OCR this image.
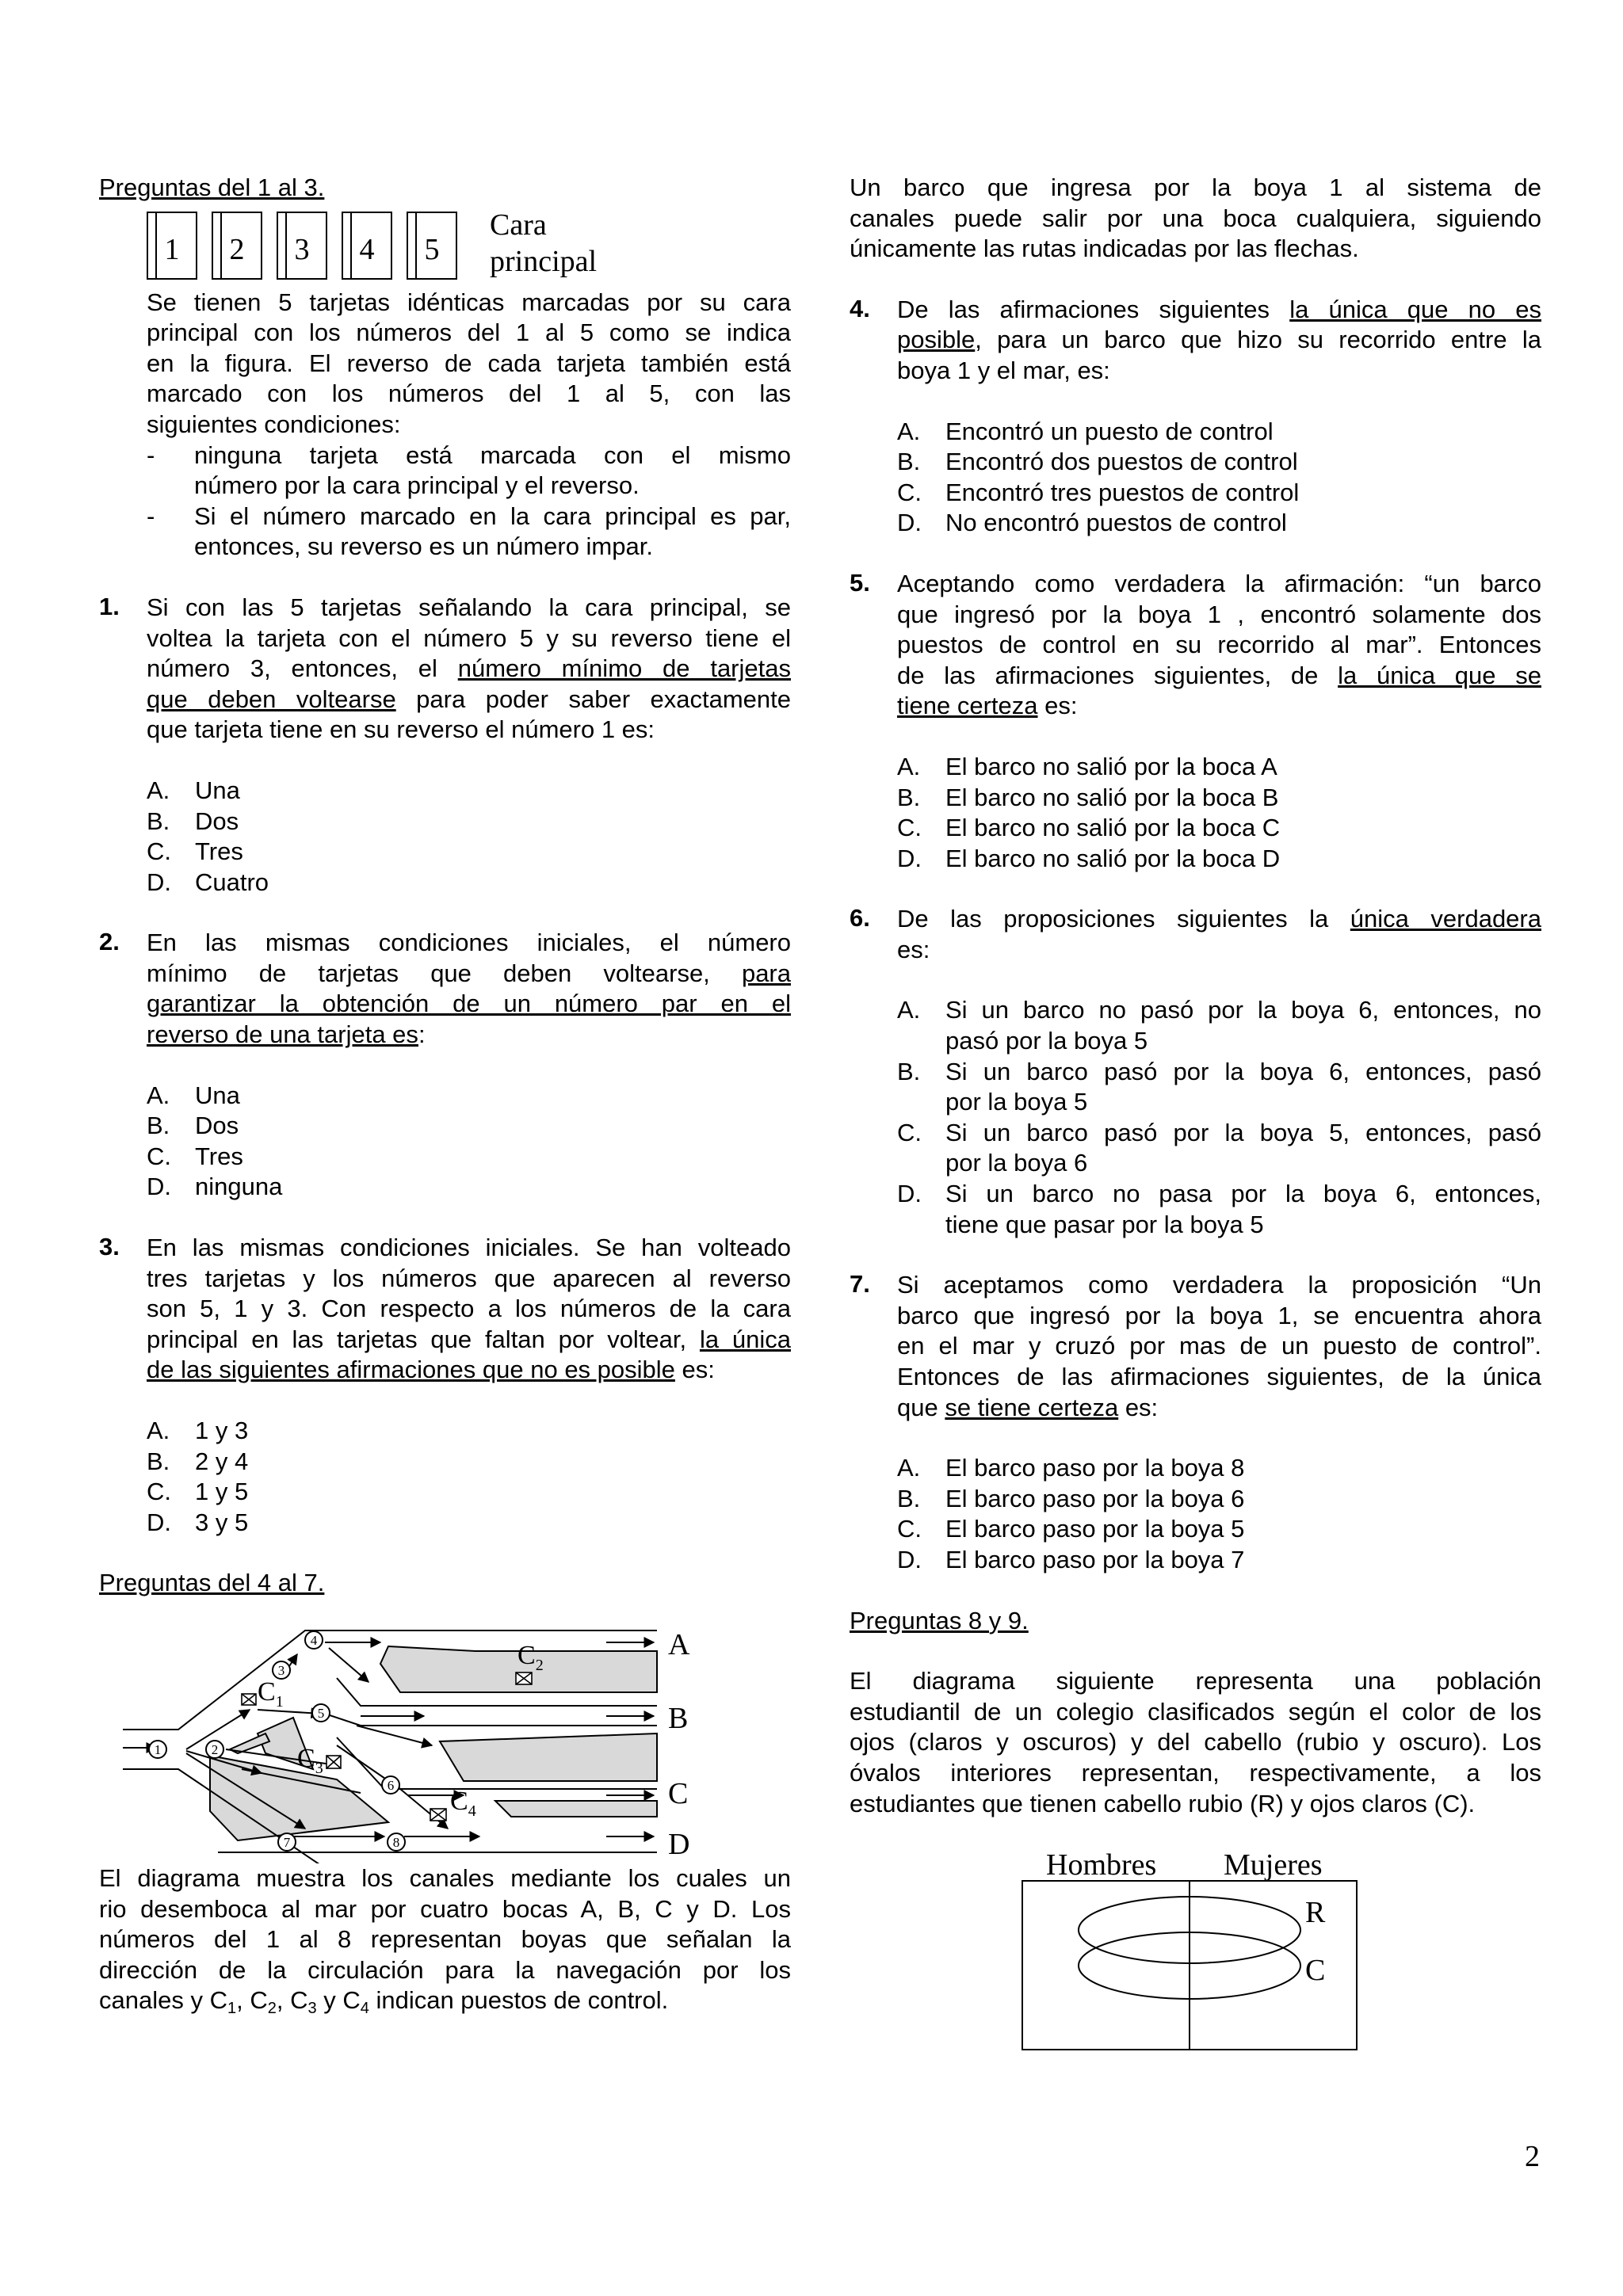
Preguntas del 1 al 3.

1	2	3	4	5
Cara
principal
Se tienen 5 tarjetas idénticas marcadas por su cara
principal con los números del 1 al 5 como se indica
en la figura. El reverso de cada tarjeta también está
marcado con los números del 1 al 5, con las
siguientes condiciones:
- ninguna tarjeta está marcada con el mismo
número por la cara principal y el reverso.
- Si el número marcado en la cara principal es par,
entonces, su reverso es un número impar.
1. Si con las 5 tarjetas señalando la cara principal, se
voltea la tarjeta con el número 5 y su reverso tiene el
número 3, entonces, el número mínimo de tarjetas
que deben voltearse para poder saber exactamente
que tarjeta tiene en su reverso el número 1 es:
A. Una
B. Dos
C. Tres
D. Cuatro
2. En las mismas condiciones iniciales, el número
mínimo de tarjetas que deben voltearse, para
garantizar la obtención de un número par en el
reverso de una tarjeta es:
A. Una
B. Dos
C. Tres
D. ninguna
3. En las mismas condiciones iniciales. Se han volteado
tres tarjetas y los números que aparecen al reverso
son 5, 1 y 3. Con respecto a los números de la cara
principal en las tarjetas que faltan por voltear, la única
de las siguientes afirmaciones que no es posible es:
A. 1 y 3
B. 2 y 4
C. 1 y 5
D. 3 y 5

Preguntas del 4 al 7.

1	2
3
4
5
6
7	8
$C_1$
$C_2$
$C_3$
$C_4$
A
B
C
D
El diagrama muestra los canales mediante los cuales un
rio desemboca al mar por cuatro bocas A, B, C y D. Los
números del 1 al 8 representan boyas que señalan la
dirección de la circulación para la navegación por los
canales y $C_1$, $C_2$, $C_3$ y $C_4$ indican puestos de control.
Un barco que ingresa por la boya 1 al sistema de
canales puede salir por una boca cualquiera, siguiendo
únicamente las rutas indicadas por las flechas.
4. De las afirmaciones siguientes la única que no es
posible, para un barco que hizo su recorrido entre la
boya 1 y el mar, es:
A. Encontró un puesto de control
B. Encontró dos puestos de control
C. Encontró tres puestos de control
D. No encontró puestos de control
5. Aceptando como verdadera la afirmación: “un barco
que ingresó por la boya 1 , encontró solamente dos
puestos de control en su recorrido al mar”. Entonces
de las afirmaciones siguientes, de la única que se
tiene certeza es:
A. El barco no salió por la boca A
B. El barco no salió por la boca B
C. El barco no salió por la boca C
D. El barco no salió por la boca D
6. De las proposiciones siguientes la única verdadera
es:
A. Si un barco no pasó por la boya 6, entonces, no
pasó por la boya 5
B. Si un barco pasó por la boya 6, entonces, pasó
por la boya 5
C. Si un barco pasó por la boya 5, entonces, pasó
por la boya 6
D. Si un barco no pasa por la boya 6, entonces,
tiene que pasar por la boya 5
7. Si aceptamos como verdadera la proposición “Un
barco que ingresó por la boya 1, se encuentra ahora
en el mar y cruzó por mas de un puesto de control”.
Entonces de las afirmaciones siguientes, de la única
que se tiene certeza es:
A. El barco paso por la boya 8
B. El barco paso por la boya 6
C. El barco paso por la boya 5
D. El barco paso por la boya 7

Preguntas 8 y 9.

El diagrama siguiente representa una población
estudiantil de un colegio clasificados según el color de los
ojos (claros y oscuros) y del cabello (rubio y oscuro). Los
óvalos interiores representan, respectivamente, a los
estudiantes que tienen cabello rubio (R) y ojos claros (C).
Hombres Mujeres
R
C
2
